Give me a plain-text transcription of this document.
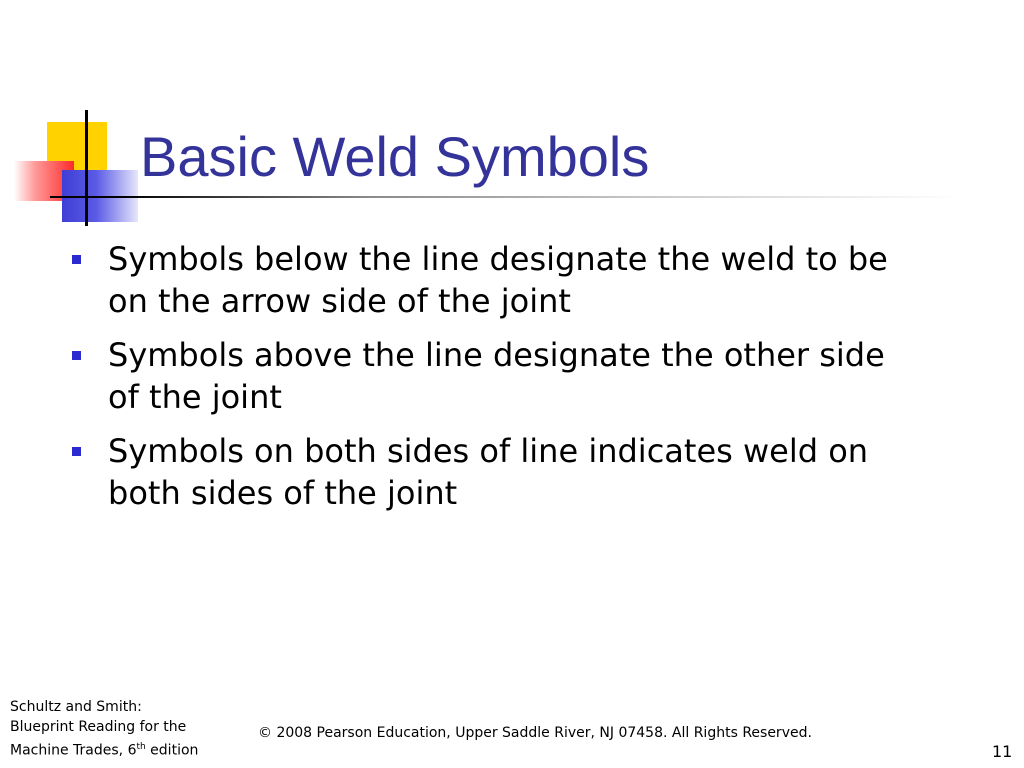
Basic Weld Symbols
Symbols below the line designate the weld to be on the arrow side of the joint
Symbols above the line designate the other side of the joint
Symbols on both sides of line indicates weld on both sides of the joint
Schultz and Smith:
Blueprint Reading for the
Machine Trades, 6th edition
© 2008 Pearson Education, Upper Saddle River, NJ 07458. All Rights Reserved.
11
